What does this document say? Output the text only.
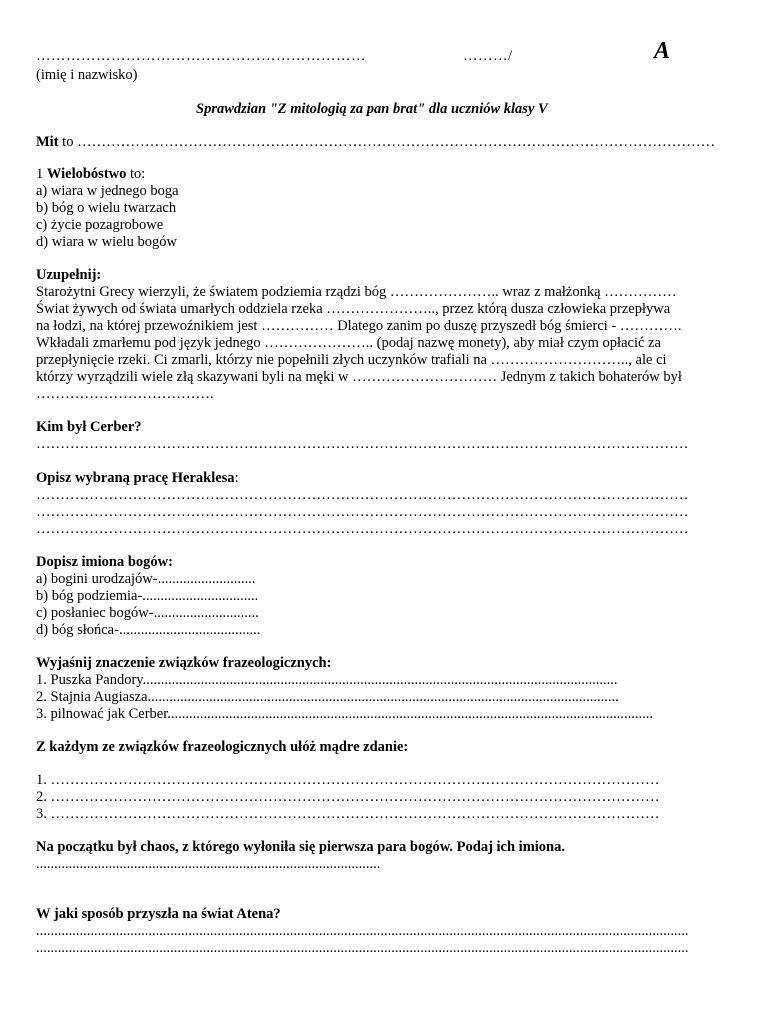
…………………………………………………………	………/	A
(imię i nazwisko)
Sprawdzian "Z mitologią za pan brat" dla uczniów klasy V
Mit to ……………………………………………………………………………………………………………………
1 Wielobóstwo to:
a) wiara w jednego boga
b) bóg o wielu twarzach
c) życie pozagrobowe
d) wiara w wielu bogów
Uzupełnij:
Starożytni Grecy wierzyli, że światem podziemia rządzi bóg ………………….. wraz z małżonką ……………
Świat żywych od świata umarłych oddziela rzeka ………………….., przez którą dusza człowieka przepływa
na łodzi, na której przewoźnikiem jest …………… Dlatego zanim po duszę przyszedł bóg śmierci - ………….
Wkładali zmarłemu pod język jednego ………………….. (podaj nazwę monety), aby miał czym opłacić za
przepłynięcie rzeki. Ci zmarli, którzy nie popełnili złych uczynków trafiali na ……………………….., ale ci
którzy wyrządzili wiele złą skazywani byli na męki w ………………………… Jednym z takich bohaterów był
……………………………….
Kim był Cerber?
………………………………………………………………………………………………………………………
Opisz wybraną pracę Heraklesa:
………………………………………………………………………………………………………………………
………………………………………………………………………………………………………………………
………………………………………………………………………………………………………………………
Dopisz imiona bogów:
a) bogini urodzajów-...........................
b) bóg podziemia-................................
c) posłaniec bogów-.............................
d) bóg słońca-.......................................
Wyjaśnij znaczenie związków frazeologicznych:
1. Puszka Pandory...................................................................................................................................
2. Stajnia Augiasza..................................................................................................................................
3. pilnować jak Cerber......................................................................................................................................
Z każdym ze związków frazeologicznych ułóż mądre zdanie:
1. ………………………………………………………………………………………………………………
2. ………………………………………………………………………………………………………………
3. ………………………………………………………………………………………………………………
Na początku był chaos, z którego wyłoniła się pierwsza para bogów. Podaj ich imiona.
...............................................................................................
W jaki sposób przyszła na świat Atena?
....................................................................................................................................................................................
....................................................................................................................................................................................
